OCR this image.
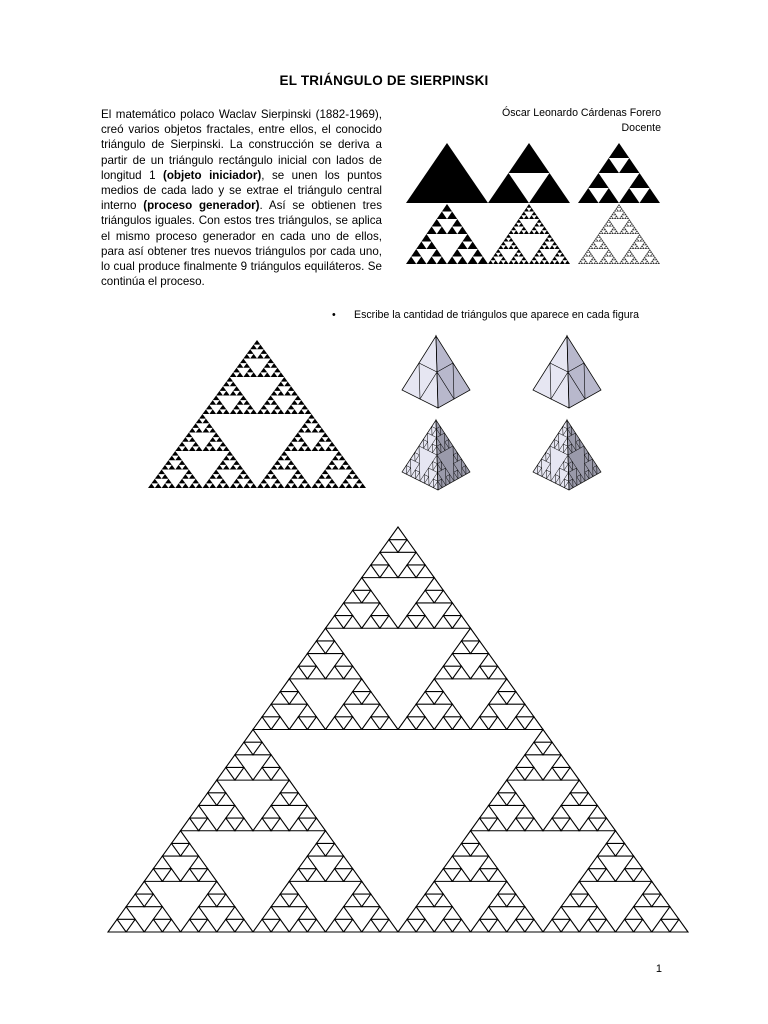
EL TRIÁNGULO DE SIERPINSKI
El matemático polaco Waclav Sierpinski (1882-1969), creó varios objetos fractales, entre ellos, el conocido triángulo de Sierpinski. La construcción se deriva a partir de un triángulo rectángulo inicial con lados de longitud 1 (objeto iniciador), se unen los puntos medios de cada lado y se extrae el triángulo central interno (proceso generador). Así se obtienen tres triángulos iguales. Con estos tres triángulos, se aplica el mismo proceso generador en cada uno de ellos, para así obtener tres nuevos triángulos por cada uno, lo cual produce finalmente 9 triángulos equiláteros. Se continúa el proceso.
Óscar Leonardo Cárdenas Forero
Docente
• Escribe la cantidad de triángulos que aparece en cada figura
1
